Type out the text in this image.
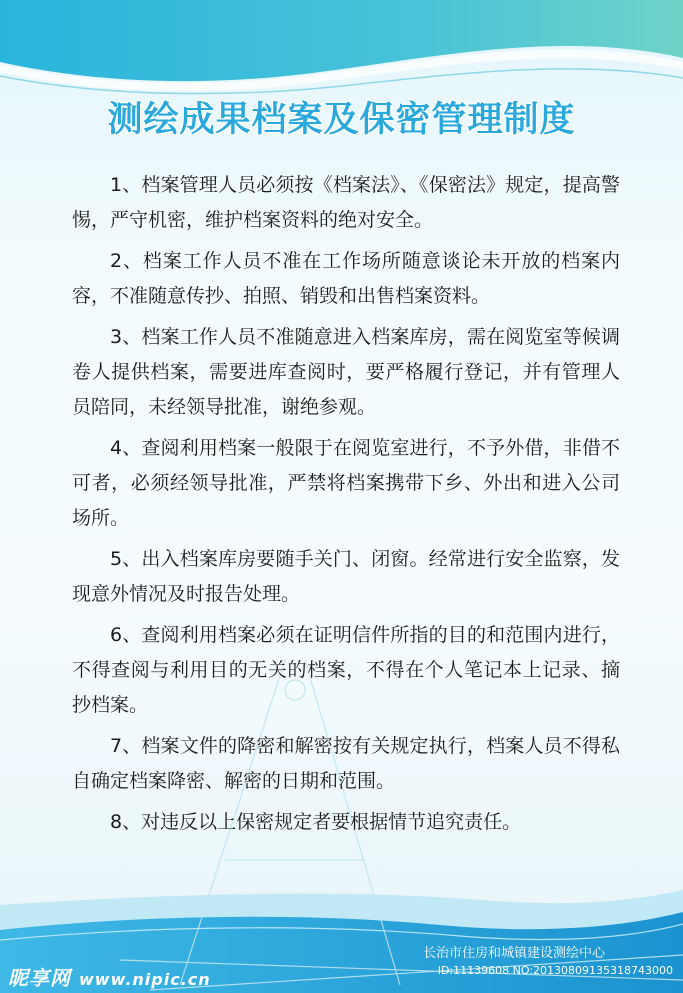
测绘成果档案及保密管理制度
1、档案管理人员必须按《档案法》、《保密法》规定，提高警惕，严守机密，维护档案资料的绝对安全。
2、档案工作人员不准在工作场所随意谈论未开放的档案内容，不准随意传抄、拍照、销毁和出售档案资料。
3、档案工作人员不准随意进入档案库房，需在阅览室等候调卷人提供档案，需要进库查阅时，要严格履行登记，并有管理人员陪同，未经领导批准，谢绝参观。
4、查阅利用档案一般限于在阅览室进行，不予外借，非借不可者，必须经领导批准，严禁将档案携带下乡、外出和进入公司场所。
5、出入档案库房要随手关门、闭窗。经常进行安全监察，发现意外情况及时报告处理。
6、查阅利用档案必须在证明信件所指的目的和范围内进行，不得查阅与利用目的无关的档案，不得在个人笔记本上记录、摘抄档案。
7、档案文件的降密和解密按有关规定执行，档案人员不得私自确定档案降密、解密的日期和范围。
8、对违反以上保密规定者要根据情节追究责任。
长治市住房和城镇建设测绘中心
昵享网 www.nipic.cn	ID:11139608 NO:20130809135318743000
